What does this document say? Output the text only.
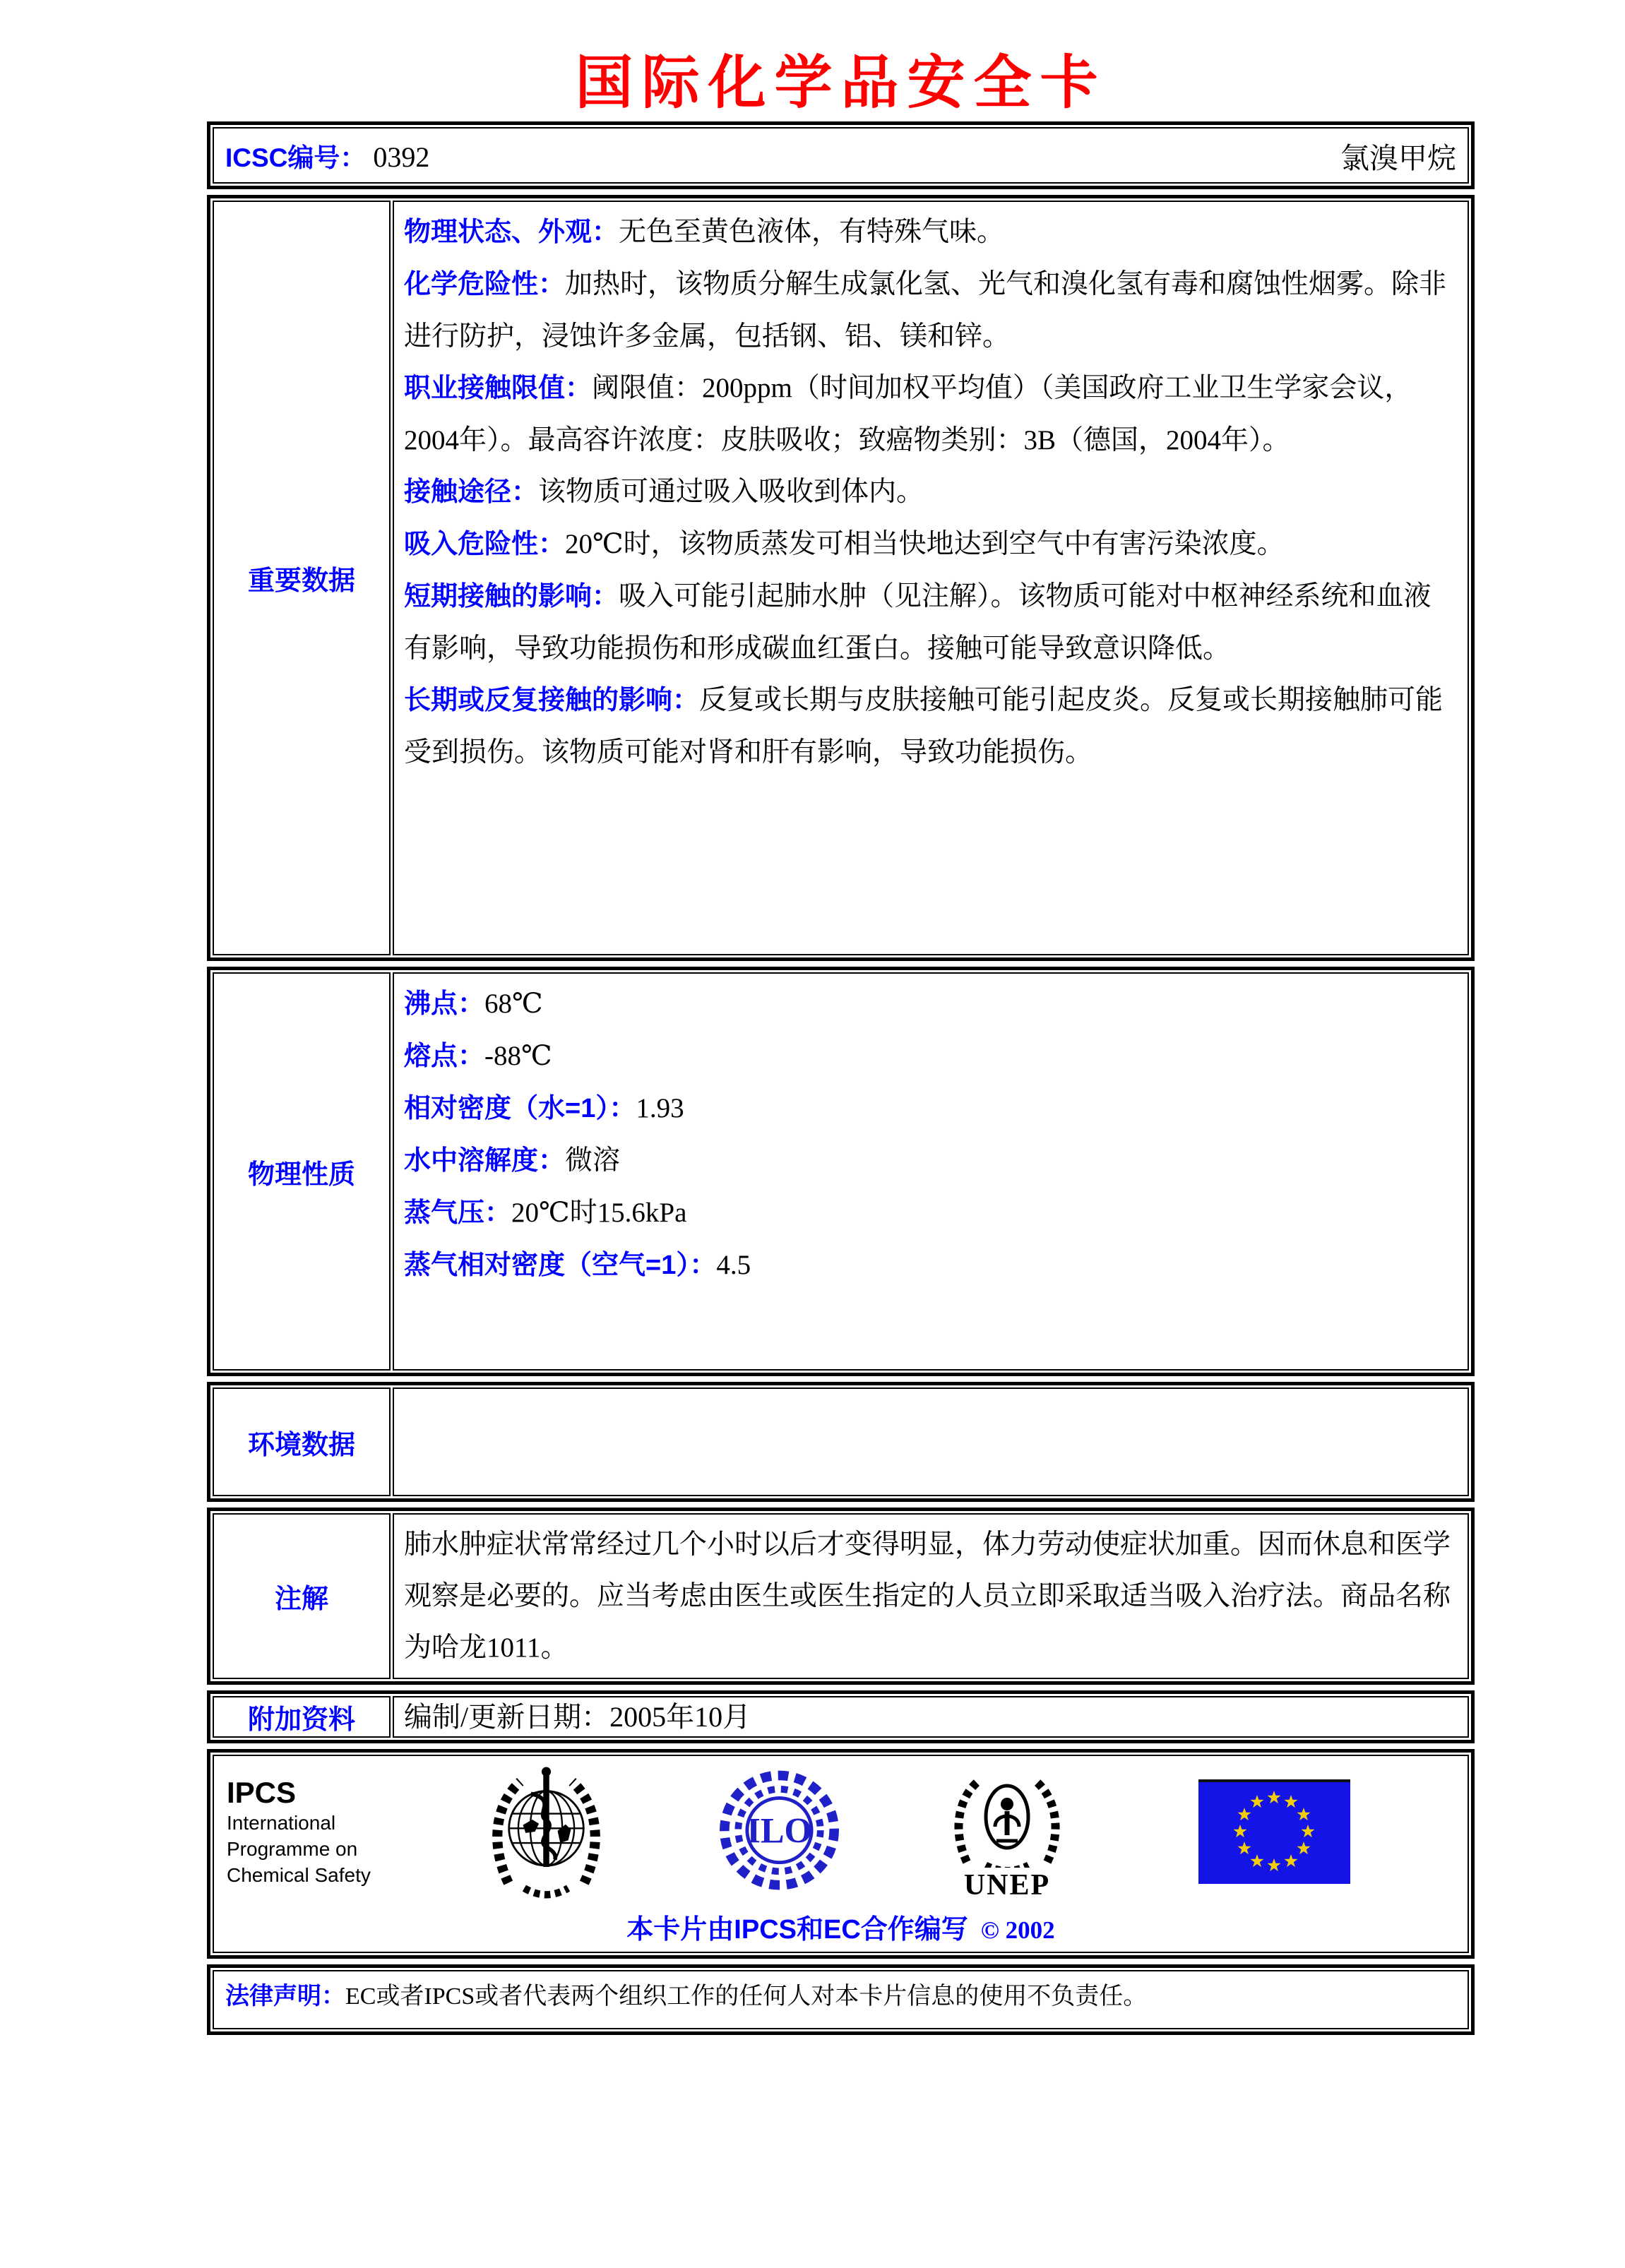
国际化学品安全卡
ICSC编号： 0392	氯溴甲烷
重要数据
物理状态、外观：无色至黄色液体，有特殊气味。
化学危险性：加热时，该物质分解生成氯化氢、光气和溴化氢有毒和腐蚀性烟雾。除非进行防护，浸蚀许多金属，包括钢、铝、镁和锌。
职业接触限值：阈限值：200ppm（时间加权平均值）（美国政府工业卫生学家会议，2004年）。最高容许浓度：皮肤吸收；致癌物类别：3B（德国，2004年）。
接触途径：该物质可通过吸入吸收到体内。
吸入危险性：20℃时，该物质蒸发可相当快地达到空气中有害污染浓度。
短期接触的影响：吸入可能引起肺水肿（见注解）。该物质可能对中枢神经系统和血液有影响，导致功能损伤和形成碳血红蛋白。接触可能导致意识降低。
长期或反复接触的影响：反复或长期与皮肤接触可能引起皮炎。反复或长期接触肺可能受到损伤。该物质可能对肾和肝有影响，导致功能损伤。
物理性质
沸点：68℃
熔点：-88℃
相对密度（水=1）：1.93
水中溶解度：微溶
蒸气压：20℃时15.6kPa
蒸气相对密度（空气=1）：4.5
环境数据
注解
肺水肿症状常常经过几个小时以后才变得明显，体力劳动使症状加重。因而休息和医学观察是必要的。应当考虑由医生或医生指定的人员立即采取适当吸入治疗法。商品名称为哈龙1011。
附加资料	编制/更新日期：2005年10月
IPCS
International
Programme on
Chemical Safety
ILO
UNEP
本卡片由IPCS和EC合作编写 © 2002
法律声明：EC或者IPCS或者代表两个组织工作的任何人对本卡片信息的使用不负责任。
